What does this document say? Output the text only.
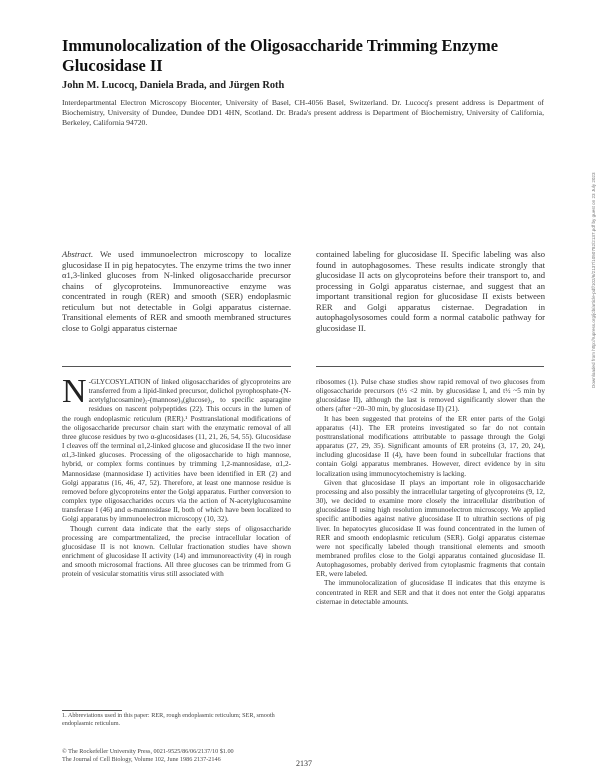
Immunolocalization of the Oligosaccharide Trimming Enzyme Glucosidase II
John M. Lucocq, Daniela Brada, and Jürgen Roth
Interdepartmental Electron Microscopy Biocenter, University of Basel, CH-4056 Basel, Switzerland. Dr. Lucocq's present address is Department of Biochemistry, University of Dundee, Dundee DD1 4HN, Scotland. Dr. Brada's present address is Department of Biochemistry, University of California, Berkeley, California 94720.
Abstract. We used immunoelectron microscopy to localize glucosidase II in pig hepatocytes. The enzyme trims the two inner α1,3-linked glucoses from N-linked oligosaccharide precursor chains of glycoproteins. Immunoreactive enzyme was concentrated in rough (RER) and smooth (SER) endoplasmic reticulum but not detectable in Golgi apparatus cisternae. Transitional elements of RER and smooth membraned structures close to Golgi apparatus cisternae
contained labeling for glucosidase II. Specific labeling was also found in autophagosomes. These results indicate strongly that glucosidase II acts on glycoproteins before their transport to, and processing in Golgi apparatus cisternae, and suggest that an important transitional region for glucosidase II exists between RER and Golgi apparatus cisternae. Degradation in autophagolysosomes could form a normal catabolic pathway for glucosidase II.

N -GLYCOSYLATION of linked oligosaccharides of glycoproteins are transferred from a lipid-linked precursor, dolichol pyrophosphate-(N-acetylglucosamine)₂-(mannose)₉(glucose)₃, to specific asparagine residues on nascent polypeptides (22). This occurs in the lumen of the rough endoplasmic reticulum (RER).¹ Posttranslational modifications of the oligosaccharide precursor chain start with the enzymatic removal of all three glucose residues by two α-glucosidases (11, 21, 26, 54, 55). Glucosidase I cleaves off the terminal α1,2-linked glucose and glucosidase II the two inner α1,3-linked glucoses. Processing of the oligosaccharide to high mannose, hybrid, or complex forms continues by trimming 1,2-mannosidase, α1,2-Mannosidase (mannosidase I) activities have been identified in ER (2) and Golgi apparatus (16, 46, 47, 52). Therefore, at least one mannose residue is removed before glycoproteins enter the Golgi apparatus. Further conversion to complex type oligosaccharides occurs via the action of N-acetylglucosamine transferase I (46) and α-mannosidase II, both of which have been localized to Golgi apparatus by immunoelectron microscopy (10, 32).

Though current data indicate that the early steps of oligosaccharide processing are compartmentalized, the precise intracellular location of glucosidase II is not known. Cellular fractionation studies have shown enrichment of glucosidase II activity (14) and immunoreactivity (4) in rough and smooth microsomal fractions. All three glucoses can be trimmed from G protein of vesicular stomatitis virus still associated with

ribosomes (1). Pulse chase studies show rapid removal of two glucoses from oligosaccharide precursors (t½ <2 min. by glucosidase I, and t½ ~5 min by glucosidase II), although the last is removed significantly slower than the others (after ~20–30 min, by glucosidase II) (21).

It has been suggested that proteins of the ER enter parts of the Golgi apparatus (41). The ER proteins investigated so far do not contain posttranslational modifications attributable to passage through the Golgi apparatus (27, 29, 35). Significant amounts of ER proteins (3, 17, 20, 24), including glucosidase II (4), have been found in subcellular fractions that contain Golgi apparatus membranes. However, direct evidence by in situ localization using immunocytochemistry is lacking.

Given that glucosidase II plays an important role in oligosaccharide processing and also possibly the intracellular targeting of glycoproteins (9, 12, 30), we decided to examine more closely the intracellular distribution of glucosidase II using high resolution immunoelectron microscopy. We applied specific antibodies against native glucosidase II to ultrathin sections of pig liver. In hepatocytes glucosidase II was found concentrated in the lumen of RER and smooth endoplasmic reticulum (SER). Golgi apparatus cisternae were not specifically labeled though transitional elements and smooth membraned profiles close to the Golgi apparatus contained glucosidase II. Autophagosomes, probably derived from cytoplasmic fragments that contain ER, were labeled.

The immunolocalization of glucosidase II indicates that this enzyme is concentrated in RER and SER and that it does not enter the Golgi apparatus cisternae in detectable amounts.

1. Abbreviations used in this paper: RER, rough endoplasmic reticulum; SER, smooth endoplasmic reticulum.
© The Rockefeller University Press, 0021-9525/86/06/2137/10 $1.00
The Journal of Cell Biology, Volume 102, June 1986 2137-2146	2137
Downloaded from http://rupress.org/jcb/article-pdf/102/6/2137/1050782/2137.pdf by guest on 23 July 2023
